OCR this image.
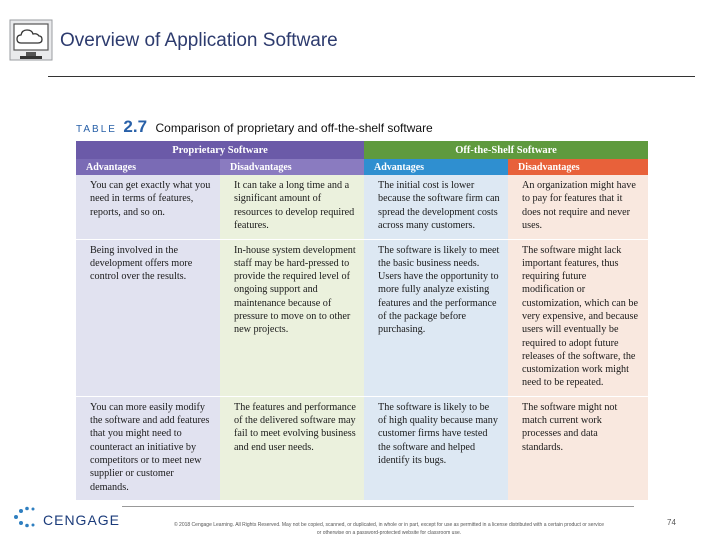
Overview of Application Software
TABLE 2.7 Comparison of proprietary and off-the-shelf software
Proprietary Software		Off-the-Shelf Software	
Advantages	Disadvantages	Advantages	Disadvantages
You can get exactly what you need in terms of features, reports, and so on.	It can take a long time and a significant amount of resources to develop required features.	The initial cost is lower because the software firm can spread the development costs across many customers.	An organization might have to pay for features that it does not require and never uses.
Being involved in the development offers more control over the results.	In-house system development staff may be hard-pressed to provide the required level of ongoing support and maintenance because of pressure to move on to other new projects.	The software is likely to meet the basic business needs. Users have the opportunity to more fully analyze existing features and the performance of the package before purchasing.	The software might lack important features, thus requiring future modification or customization, which can be very expensive, and because users will eventually be required to adopt future releases of the software, the customization work might need to be repeated.
You can more easily modify the software and add features that you might need to counteract an initiative by competitors or to meet new supplier or customer demands.	The features and performance of the delivered software may fail to meet evolving business and end user needs.	The software is likely to be of high quality because many customer firms have tested the software and helped identify its bugs.	The software might not match current work processes and data standards.
CENGAGE	© 2018 Cengage Learning. All Rights Reserved. May not be copied, scanned, or duplicated, in whole or in part, except for use as permitted in a license distributed with a certain product or service
or otherwise on a password-protected website for classroom use.
74
